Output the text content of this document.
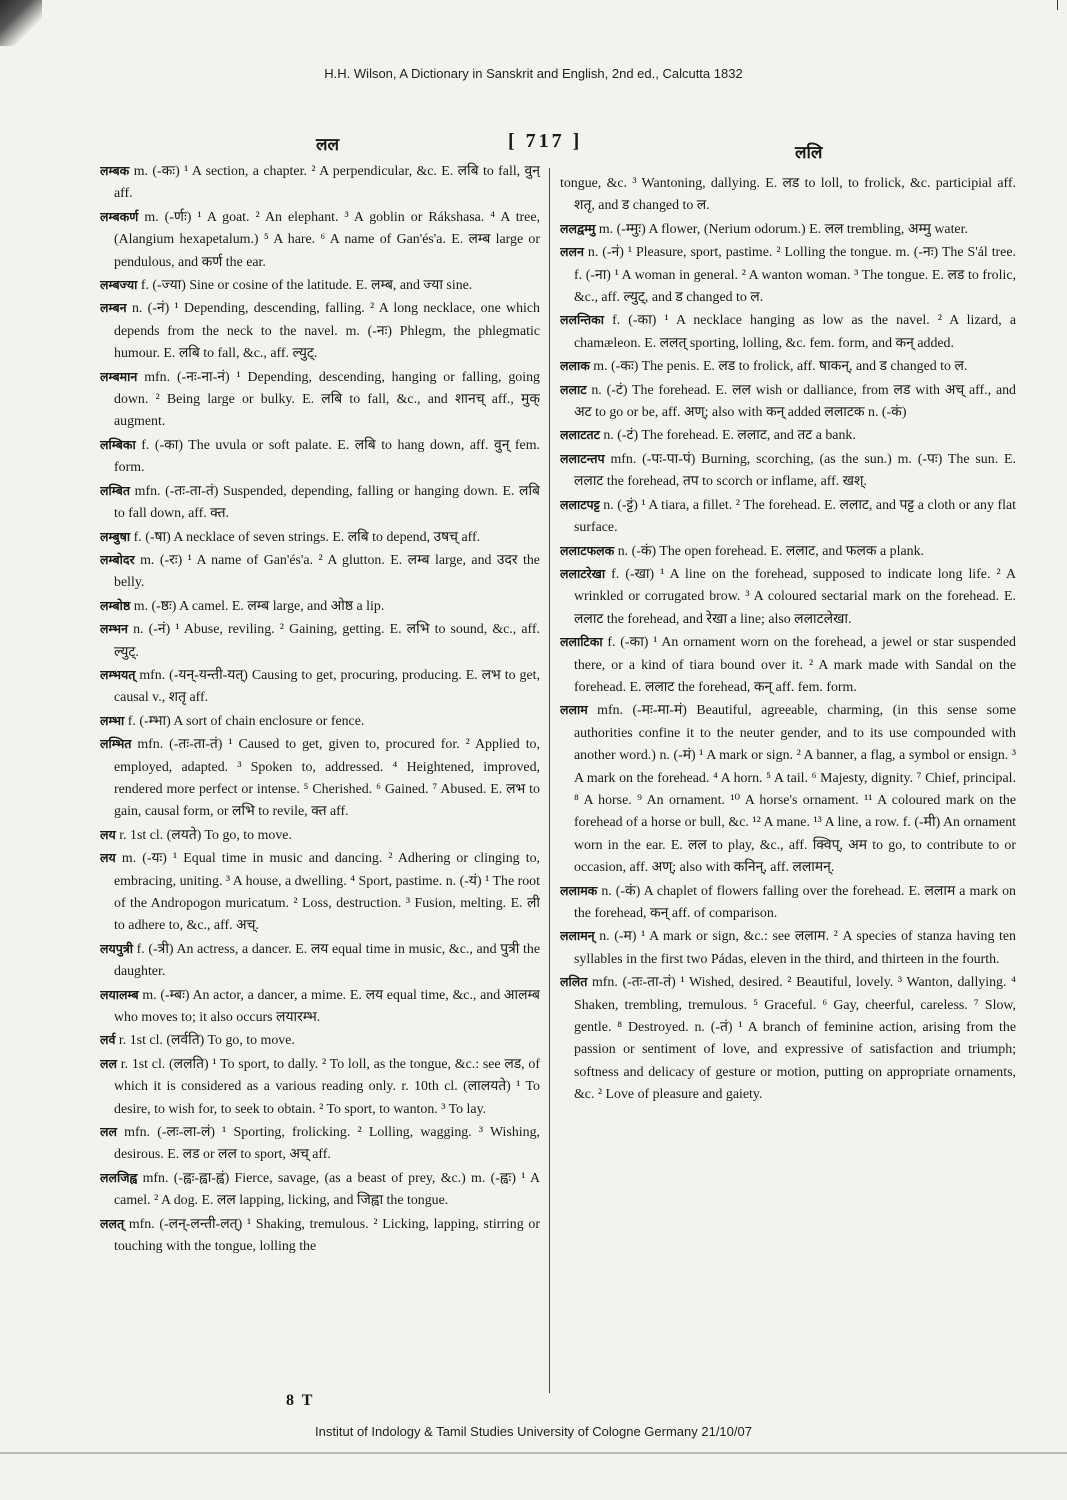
H.H. Wilson, A Dictionary in Sanskrit and English, 2nd ed., Calcutta 1832
लल	[ 717 ]
ललि

लम्बक m. (-कः) ¹ A section, a chapter. ² A perpendicular, &c. E. लबि to fall, वुन् aff.

लम्बकर्ण m. (-र्णः) ¹ A goat. ² An elephant. ³ A goblin or Rákshasa. ⁴ A tree, (Alangium hexapetalum.) ⁵ A hare. ⁶ A name of Gan'és'a. E. लम्ब large or pendulous, and कर्ण the ear.

लम्बज्या f. (-ज्या) Sine or cosine of the latitude. E. लम्ब, and ज्या sine.

लम्बन n. (-नं) ¹ Depending, descending, falling. ² A long necklace, one which depends from the neck to the navel. m. (-नः) Phlegm, the phlegmatic humour. E. लबि to fall, &c., aff. ल्युट्.

लम्बमान mfn. (-नः-ना-नं) ¹ Depending, descending, hanging or falling, going down. ² Being large or bulky. E. लबि to fall, &c., and शानच् aff., मुक् augment.

लम्बिका f. (-का) The uvula or soft palate. E. लबि to hang down, aff. वुन् fem. form.

लम्बित mfn. (-तः-ता-तं) Suspended, depending, falling or hanging down. E. लबि to fall down, aff. क्त.

लम्बुषा f. (-षा) A necklace of seven strings. E. लबि to depend, उषच् aff.

लम्बोदर m. (-रः) ¹ A name of Gan'és'a. ² A glutton. E. लम्ब large, and उदर the belly.

लम्बोष्ठ m. (-ष्ठः) A camel. E. लम्ब large, and ओष्ठ a lip.

लम्भन n. (-नं) ¹ Abuse, reviling. ² Gaining, getting. E. लभि to sound, &c., aff. ल्युट्.

लम्भयत् mfn. (-यन्-यन्ती-यत्) Causing to get, procuring, producing. E. लभ to get, causal v., शतृ aff.

लम्भा f. (-म्भा) A sort of chain enclosure or fence.

लम्भित mfn. (-तः-ता-तं) ¹ Caused to get, given to, procured for. ² Applied to, employed, adapted. ³ Spoken to, addressed. ⁴ Heightened, improved, rendered more perfect or intense. ⁵ Cherished. ⁶ Gained. ⁷ Abused. E. लभ to gain, causal form, or लभि to revile, क्त aff.

लय r. 1st cl. (लयते) To go, to move.

लय m. (-यः) ¹ Equal time in music and dancing. ² Adhering or clinging to, embracing, uniting. ³ A house, a dwelling. ⁴ Sport, pastime. n. (-यं) ¹ The root of the Andropogon muricatum. ² Loss, destruction. ³ Fusion, melting. E. ली to adhere to, &c., aff. अच्.

लयपुत्री f. (-त्री) An actress, a dancer. E. लय equal time in music, &c., and पुत्री the daughter.

लयालम्ब m. (-म्बः) An actor, a dancer, a mime. E. लय equal time, &c., and आलम्ब who moves to; it also occurs लयारम्भ.

लर्व r. 1st cl. (लर्वति) To go, to move.

लल r. 1st cl. (ललति) ¹ To sport, to dally. ² To loll, as the tongue, &c.: see लड, of which it is considered as a various reading only. r. 10th cl. (लालयते) ¹ To desire, to wish for, to seek to obtain. ² To sport, to wanton. ³ To lay.

लल mfn. (-लः-ला-लं) ¹ Sporting, frolicking. ² Lolling, wagging. ³ Wishing, desirous. E. लड or लल to sport, अच् aff.

ललजिह्व mfn. (-ह्वः-ह्वा-ह्वं) Fierce, savage, (as a beast of prey, &c.) m. (-ह्वः) ¹ A camel. ² A dog. E. लल lapping, licking, and जिह्वा the tongue.

ललत् mfn. (-लन्-लन्ती-लत्) ¹ Shaking, tremulous. ² Licking, lapping, stirring or touching with the tongue, lolling the

tongue, &c. ³ Wantoning, dallying. E. लड to loll, to frolick, &c. participial aff. शतृ, and ड changed to ल.

ललद्वम्मु m. (-म्मुः) A flower, (Nerium odorum.) E. लल trembling, अम्मु water.

ललन n. (-नं) ¹ Pleasure, sport, pastime. ² Lolling the tongue. m. (-नः) The S'ál tree. f. (-ना) ¹ A woman in general. ² A wanton woman. ³ The tongue. E. लड to frolic, &c., aff. ल्युट्, and ड changed to ल.

ललन्तिका f. (-का) ¹ A necklace hanging as low as the navel. ² A lizard, a chamæleon. E. ललत् sporting, lolling, &c. fem. form, and कन् added.

ललाक m. (-कः) The penis. E. लड to frolick, aff. षाकन्, and ड changed to ल.

ललाट n. (-टं) The forehead. E. लल wish or dalliance, from लड with अच् aff., and अट to go or be, aff. अण्; also with कन् added ललाटक n. (-कं)

ललाटतट n. (-टं) The forehead. E. ललाट, and तट a bank.

ललाटन्तप mfn. (-पः-पा-पं) Burning, scorching, (as the sun.) m. (-पः) The sun. E. ललाट the forehead, तप to scorch or inflame, aff. खश्.

ललाटपट्ट n. (-ट्टं) ¹ A tiara, a fillet. ² The forehead. E. ललाट, and पट्ट a cloth or any flat surface.

ललाटफलक n. (-कं) The open forehead. E. ललाट, and फलक a plank.

ललाटरेखा f. (-खा) ¹ A line on the forehead, supposed to indicate long life. ² A wrinkled or corrugated brow. ³ A coloured sectarial mark on the forehead. E. ललाट the forehead, and रेखा a line; also ललाटलेखा.

ललाटिका f. (-का) ¹ An ornament worn on the forehead, a jewel or star suspended there, or a kind of tiara bound over it. ² A mark made with Sandal on the forehead. E. ललाट the forehead, कन् aff. fem. form.

ललाम mfn. (-मः-मा-मं) Beautiful, agreeable, charming, (in this sense some authorities confine it to the neuter gender, and to its use compounded with another word.) n. (-मं) ¹ A mark or sign. ² A banner, a flag, a symbol or ensign. ³ A mark on the forehead. ⁴ A horn. ⁵ A tail. ⁶ Majesty, dignity. ⁷ Chief, principal. ⁸ A horse. ⁹ An ornament. ¹⁰ A horse's ornament. ¹¹ A coloured mark on the forehead of a horse or bull, &c. ¹² A mane. ¹³ A line, a row. f. (-मी) An ornament worn in the ear. E. लल to play, &c., aff. क्विप्, अम to go, to contribute to or occasion, aff. अण्; also with कनिन्, aff. ललामन्.

ललामक n. (-कं) A chaplet of flowers falling over the forehead. E. ललाम a mark on the forehead, कन् aff. of comparison.

ललामन् n. (-म) ¹ A mark or sign, &c.: see ललाम. ² A species of stanza having ten syllables in the first two Pádas, eleven in the third, and thirteen in the fourth.

ललित mfn. (-तः-ता-तं) ¹ Wished, desired. ² Beautiful, lovely. ³ Wanton, dallying. ⁴ Shaken, trembling, tremulous. ⁵ Graceful. ⁶ Gay, cheerful, careless. ⁷ Slow, gentle. ⁸ Destroyed. n. (-तं) ¹ A branch of feminine action, arising from the passion or sentiment of love, and expressive of satisfaction and triumph; softness and delicacy of gesture or motion, putting on appropriate ornaments, &c. ² Love of pleasure and gaiety.

8 T
Institut of Indology & Tamil Studies University of Cologne Germany 21/10/07
